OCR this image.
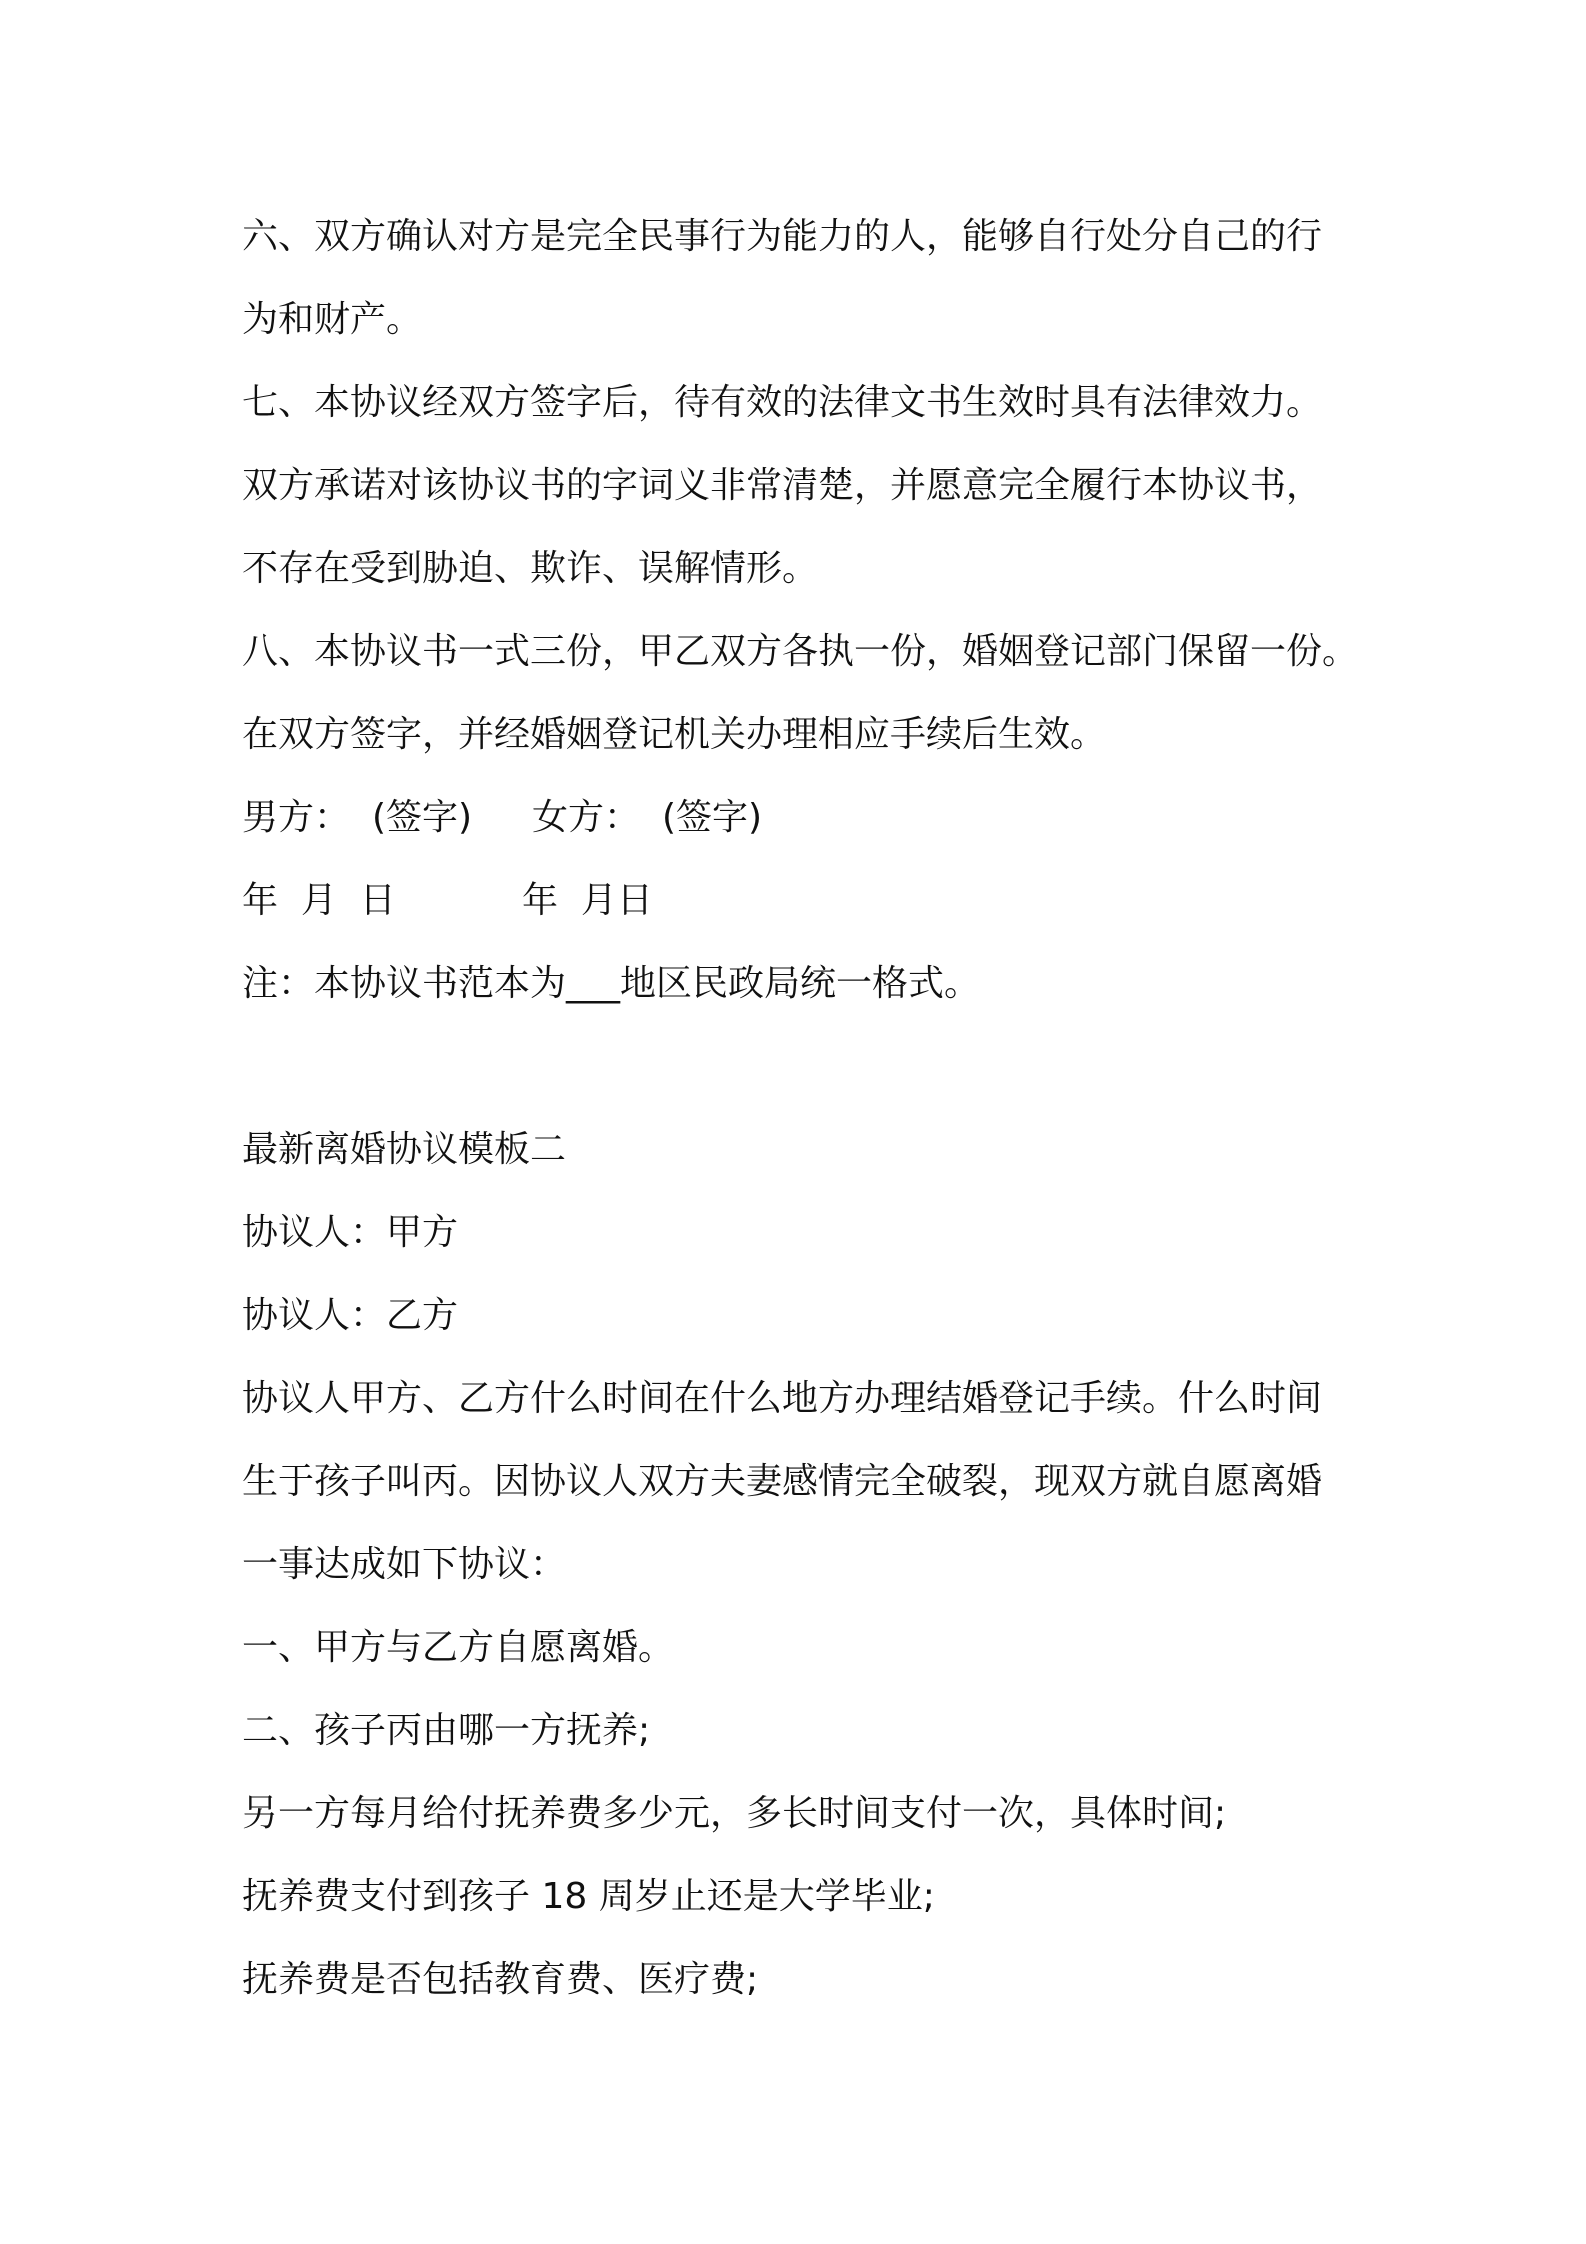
六、双方确认对方是完全民事行为能力的人，能够自行处分自己的行
为和财产。
七、本协议经双方签字后，待有效的法律文书生效时具有法律效力。
双方承诺对该协议书的字词义非常清楚，并愿意完全履行本协议书，
不存在受到胁迫、欺诈、误解情形。
八、本协议书一式三份，甲乙双方各执一份，婚姻登记部门保留一份。
在双方签字，并经婚姻登记机关办理相应手续后生效。
男方： (签字) 女方： (签字)
年  月  日	年  月日
注：本协议书范本为___地区民政局统一格式。
最新离婚协议模板二
协议人：甲方
协议人：乙方
协议人甲方、乙方什么时间在什么地方办理结婚登记手续。什么时间
生于孩子叫丙。因协议人双方夫妻感情完全破裂，现双方就自愿离婚
一事达成如下协议：
一、甲方与乙方自愿离婚。
二、孩子丙由哪一方抚养;
另一方每月给付抚养费多少元，多长时间支付一次，具体时间;
抚养费支付到孩子 18 周岁止还是大学毕业;
抚养费是否包括教育费、医疗费;
